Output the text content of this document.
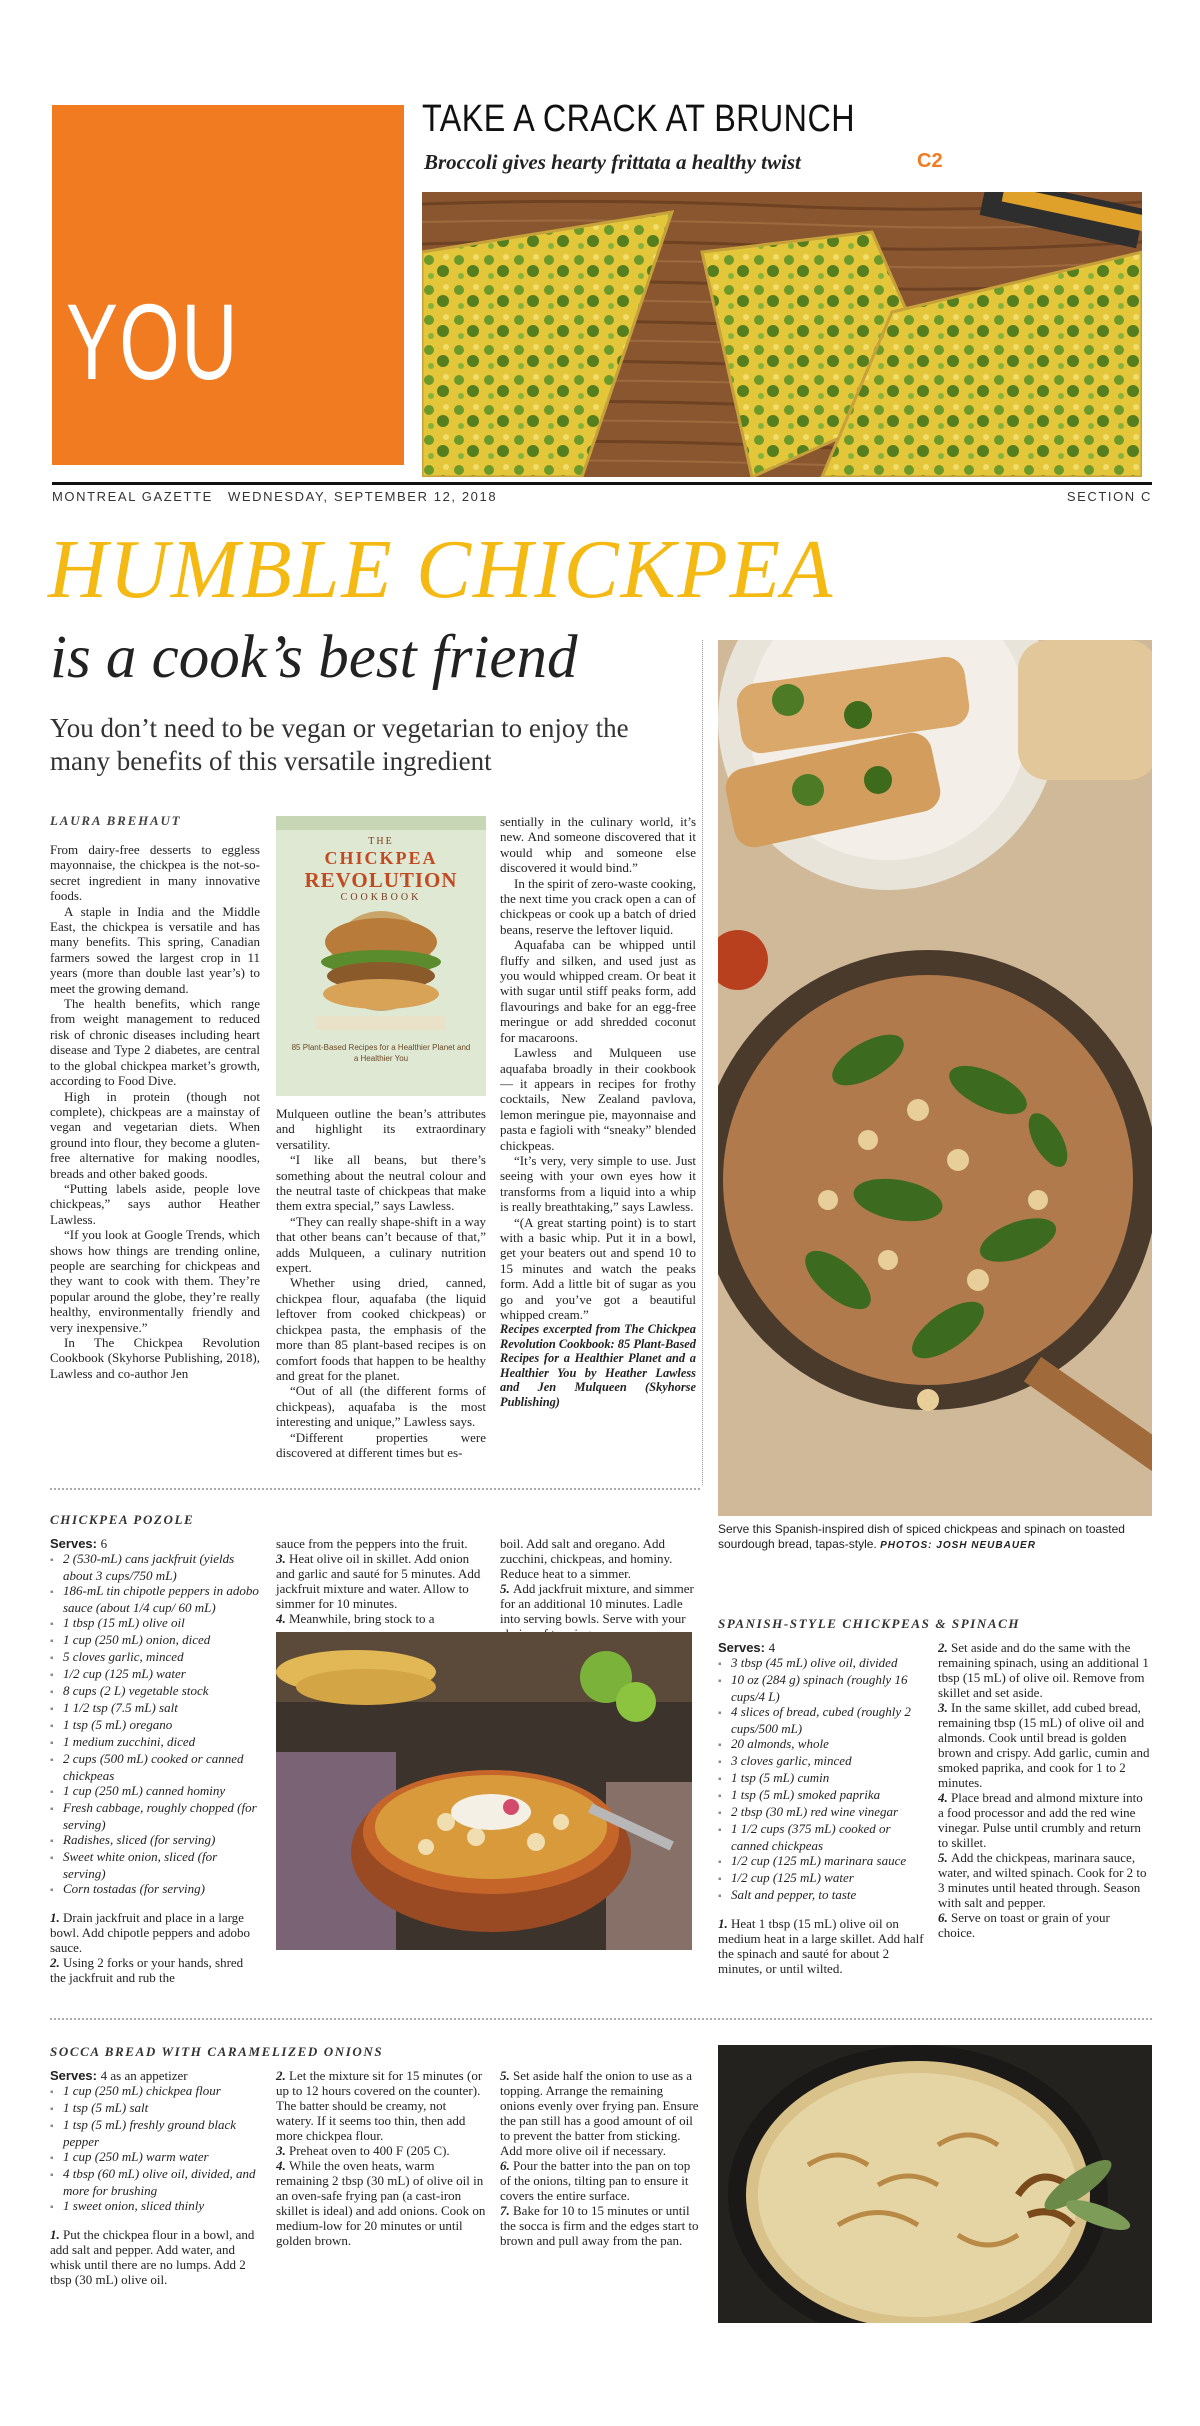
YOU
TAKE A CRACK AT BRUNCH
Broccoli gives hearty frittata a healthy twist	C2
MONTREAL GAZETTE WEDNESDAY, SEPTEMBER 12, 2018	SECTION C
HUMBLE CHICKPEA
is a cook’s best friend
You don’t need to be vegan or vegetarian to enjoy the many benefits of this versatile ingredient
LAURA BREHAUT

From dairy-free desserts to eggless mayonnaise, the chickpea is the not-so-secret ingredient in many innovative foods.

A staple in India and the Middle East, the chickpea is versatile and has many benefits. This spring, Canadian farmers sowed the largest crop in 11 years (more than double last year’s) to meet the growing demand.

The health benefits, which range from weight management to reduced risk of chronic diseases including heart disease and Type 2 diabetes, are central to the global chickpea market’s growth, according to Food Dive.

High in protein (though not complete), chickpeas are a mainstay of vegan and vegetarian diets. When ground into flour, they become a gluten-free alternative for making noodles, breads and other baked goods.

“Putting labels aside, people love chickpeas,” says author Heather Lawless.

“If you look at Google Trends, which shows how things are trending online, people are searching for chickpeas and they want to cook with them. They’re popular around the globe, they’re really healthy, environmentally friendly and very inexpensive.”

In The Chickpea Revolution Cookbook (Skyhorse Publishing, 2018), Lawless and co-author Jen

THE
CHICKPEA
REVOLUTION
COOKBOOK
85 Plant-Based Recipes for a Healthier Planet and a Healthier You

Mulqueen outline the bean’s attributes and highlight its extraordinary versatility.

“I like all beans, but there’s something about the neutral colour and the neutral taste of chickpeas that make them extra special,” says Lawless.

“They can really shape-shift in a way that other beans can’t because of that,” adds Mulqueen, a culinary nutrition expert.

Whether using dried, canned, chickpea flour, aquafaba (the liquid leftover from cooked chickpeas) or chickpea pasta, the emphasis of the more than 85 plant-based recipes is on comfort foods that happen to be healthy and great for the planet.

“Out of all (the different forms of chickpeas), aquafaba is the most interesting and unique,” Lawless says.

“Different properties were discovered at different times but es-

sentially in the culinary world, it’s new. And someone discovered that it would whip and someone else discovered it would bind.”

In the spirit of zero-waste cooking, the next time you crack open a can of chickpeas or cook up a batch of dried beans, reserve the leftover liquid.

Aquafaba can be whipped until fluffy and silken, and used just as you would whipped cream. Or beat it with sugar until stiff peaks form, add flavourings and bake for an egg-free meringue or add shredded coconut for macaroons.

Lawless and Mulqueen use aquafaba broadly in their cookbook — it appears in recipes for frothy cocktails, New Zealand pavlova, lemon meringue pie, mayonnaise and pasta e fagioli with “sneaky” blended chickpeas.

“It’s very, very simple to use. Just seeing with your own eyes how it transforms from a liquid into a whip is really breathtaking,” says Lawless.

“(A great starting point) is to start with a basic whip. Put it in a bowl, get your beaters out and spend 10 to 15 minutes and watch the peaks form. Add a little bit of sugar as you go and you’ve got a beautiful whipped cream.”

Recipes excerpted from The Chickpea Revolution Cookbook: 85 Plant-Based Recipes for a Healthier Planet and a Healthier You by Heather Lawless and Jen Mulqueen (Skyhorse Publishing)

Serve this Spanish-inspired dish of spiced chickpeas and spinach on toasted sourdough bread, tapas-style. PHOTOS: JOSH NEUBAUER
CHICKPEA POZOLE
Serves: 6
▪ 2 (530-mL) cans jackfruit (yields about 3 cups/750 mL)
▪ 186-mL tin chipotle peppers in adobo sauce (about 1/4 cup/ 60 mL)
▪ 1 tbsp (15 mL) olive oil
▪ 1 cup (250 mL) onion, diced
▪ 5 cloves garlic, minced
▪ 1/2 cup (125 mL) water
▪ 8 cups (2 L) vegetable stock
▪ 1 1/2 tsp (7.5 mL) salt
▪ 1 tsp (5 mL) oregano
▪ 1 medium zucchini, diced
▪ 2 cups (500 mL) cooked or canned chickpeas
▪ 1 cup (250 mL) canned hominy
▪ Fresh cabbage, roughly chopped (for serving)
▪ Radishes, sliced (for serving)
▪ Sweet white onion, sliced (for serving)
▪ Corn tostadas (for serving)
1. Drain jackfruit and place in a large bowl. Add chipotle peppers and adobo sauce.
2. Using 2 forks or your hands, shred the jackfruit and rub the
sauce from the peppers into the fruit.
3. Heat olive oil in skillet. Add onion and garlic and sauté for 5 minutes. Add jackfruit mixture and water. Allow to simmer for 10 minutes.
4. Meanwhile, bring stock to a
boil. Add salt and oregano. Add zucchini, chickpeas, and hominy. Reduce heat to a simmer.
5. Add jackfruit mixture, and simmer for an additional 10 minutes. Ladle into serving bowls. Serve with your	SPANISH-STYLE CHICKPEAS & SPINACH
Serves: 4
▪ 3 tbsp (45 mL) olive oil, divided
▪ 10 oz (284 g) spinach (roughly 16 cups/4 L)
▪ 4 slices of bread, cubed (roughly 2 cups/500 mL)
▪ 20 almonds, whole
▪ 3 cloves garlic, minced
▪ 1 tsp (5 mL) cumin
▪ 1 tsp (5 mL) smoked paprika
▪ 2 tbsp (30 mL) red wine vinegar
▪ 1 1/2 cups (375 mL) cooked or canned chickpeas
▪ 1/2 cup (125 mL) marinara sauce
▪ 1/2 cup (125 mL) water
▪ Salt and pepper, to taste
1. Heat 1 tbsp (15 mL) olive oil on medium heat in a large skillet. Add half the spinach and sauté for about 2 minutes, or until wilted.
2. Set aside and do the same with the remaining spinach, using an additional 1 tbsp (15 mL) of olive oil. Remove from skillet and set aside.
3. In the same skillet, add cubed bread, remaining tbsp (15 mL) of olive oil and almonds. Cook until bread is golden brown and crispy. Add garlic, cumin and smoked paprika, and cook for 1 to 2 minutes.
4. Place bread and almond mixture into a food processor and add the red wine vinegar. Pulse until crumbly and return to skillet.
5. Add the chickpeas, marinara sauce, water, and wilted spinach. Cook for 2 to 3 minutes until heated through. Season with salt and pepper.
6. Serve on toast or grain of your choice.
SOCCA BREAD WITH CARAMELIZED ONIONS
Serves: 4 as an appetizer
▪ 1 cup (250 mL) chickpea flour
▪ 1 tsp (5 mL) salt
▪ 1 tsp (5 mL) freshly ground black pepper
▪ 1 cup (250 mL) warm water
▪ 4 tbsp (60 mL) olive oil, divided, and more for brushing
▪ 1 sweet onion, sliced thinly
1. Put the chickpea flour in a bowl, and add salt and pepper. Add water, and whisk until there are no lumps. Add 2 tbsp (30 mL) olive oil.
2. Let the mixture sit for 15 minutes (or up to 12 hours covered on the counter). The batter should be creamy, not watery. If it seems too thin, then add more chickpea flour.
3. Preheat oven to 400 F (205 C).
4. While the oven heats, warm remaining 2 tbsp (30 mL) of olive oil in an oven-safe frying pan (a cast-iron skillet is ideal) and add onions. Cook on medium-low for 20 minutes or until golden brown.
5. Set aside half the onion to use as a topping. Arrange the remaining onions evenly over frying pan. Ensure the pan still has a good amount of oil to prevent the batter from sticking. Add more olive oil if necessary.
6. Pour the batter into the pan on top of the onions, tilting pan to ensure it covers the entire surface.
7. Bake for 10 to 15 minutes or until the socca is firm and the edges start to brown and pull away from the pan.
